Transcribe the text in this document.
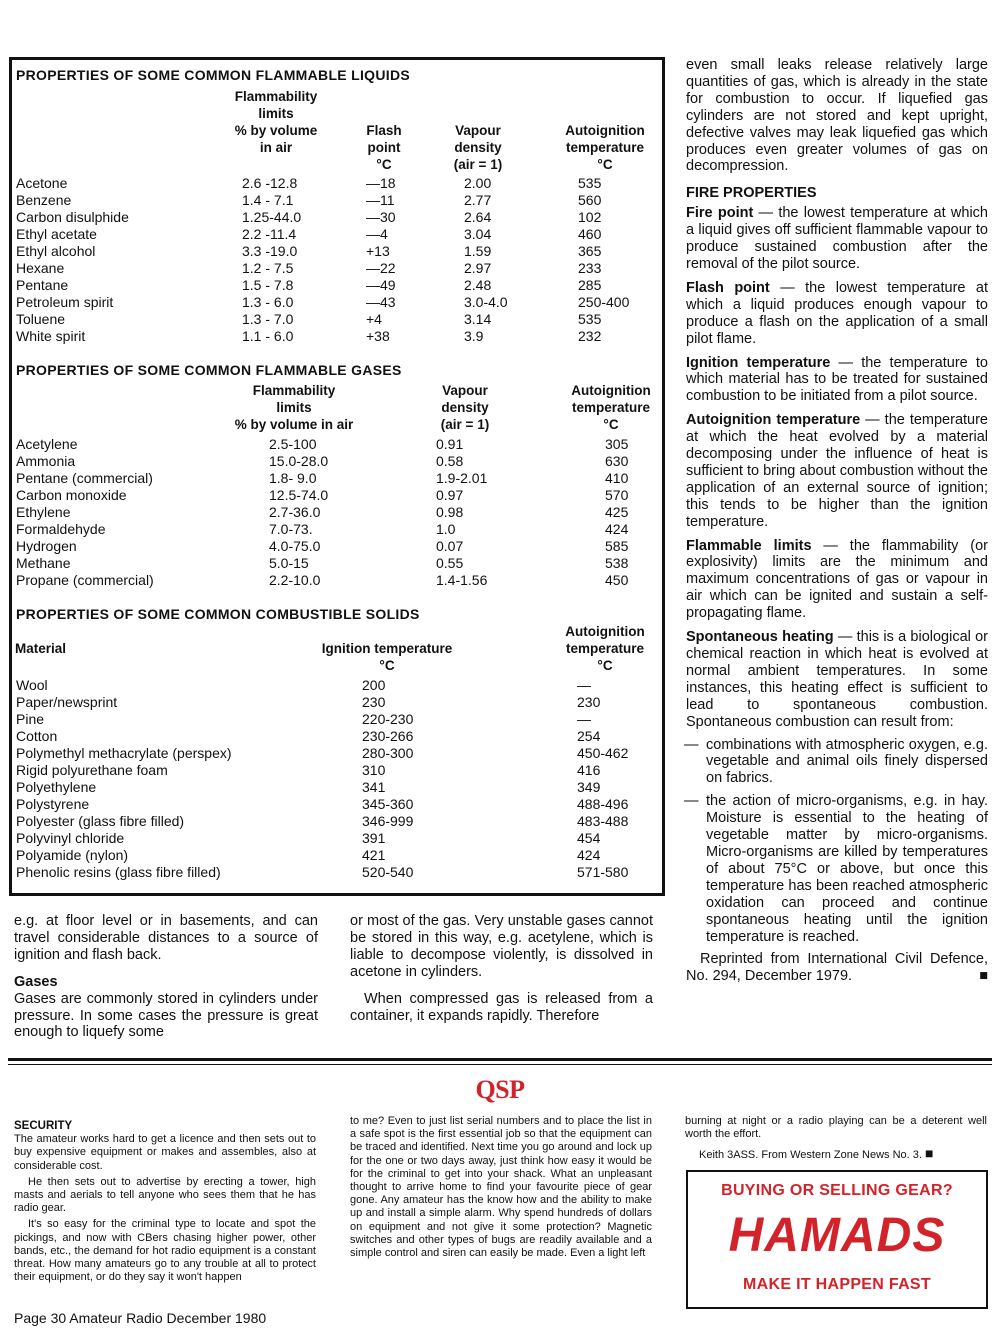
PROPERTIES OF SOME COMMON FLAMMABLE LIQUIDS
Flammability
limits
% by volume
in air
Flash
point
°C
Vapour
density
(air = 1)
Autoignition
temperature
°C
Acetone	2.6 -12.8	—18	2.00	535
Benzene	1.4 - 7.1	—11	2.77	560
Carbon disulphide	1.25-44.0	—30	2.64	102
Ethyl acetate	2.2 -11.4	—4	3.04	460
Ethyl alcohol	3.3 -19.0	+13	1.59	365
Hexane	1.2 - 7.5	—22	2.97	233
Pentane	1.5 - 7.8	—49	2.48	285
Petroleum spirit	1.3 - 6.0	—43	3.0-4.0	250-400
Toluene	1.3 - 7.0	+4	3.14	535
White spirit	1.1 - 6.0	+38	3.9	232
PROPERTIES OF SOME COMMON FLAMMABLE GASES
Flammability
limits
% by volume in air
Vapour
density
(air = 1)
Autoignition
temperature
°C
Acetylene	2.5-100	0.91	305
Ammonia	15.0-28.0	0.58	630
Pentane (commercial)	1.8- 9.0	1.9-2.01	410
Carbon monoxide	12.5-74.0	0.97	570
Ethylene	2.7-36.0	0.98	425
Formaldehyde	7.0-73.	1.0	424
Hydrogen	4.0-75.0	0.07	585
Methane	5.0-15	0.55	538
Propane (commercial)	2.2-10.0	1.4-1.56	450
PROPERTIES OF SOME COMMON COMBUSTIBLE SOLIDS
Material	Ignition temperature
°C
Autoignition
temperature
°C
Wool	200	—
Paper/newsprint	230	230
Pine	220-230	—
Cotton	230-266	254
Polymethyl methacrylate (perspex)	280-300	450-462
Rigid polyurethane foam	310	416
Polyethylene	341	349
Polystyrene	345-360	488-496
Polyester (glass fibre filled)	346-999	483-488
Polyvinyl chloride	391	454
Polyamide (nylon)	421	424
Phenolic resins (glass fibre filled)	520-540	571-580

even small leaks release relatively large quantities of gas, which is already in the state for combustion to occur. If liquefied gas cylinders are not stored and kept upright, defective valves may leak liquefied gas which produces even greater volumes of gas on decompression.

FIRE PROPERTIES

Fire point — the lowest temperature at which a liquid gives off sufficient flammable vapour to produce sustained combustion after the removal of the pilot source.

Flash point — the lowest temperature at which a liquid produces enough vapour to produce a flash on the application of a small pilot flame.

Ignition temperature — the temperature to which material has to be treated for sustained combustion to be initiated from a pilot source.

Autoignition temperature — the temperature at which the heat evolved by a material decomposing under the influence of heat is sufficient to bring about combustion without the application of an external source of ignition; this tends to be higher than the ignition temperature.

Flammable limits — the flammability (or explosivity) limits are the minimum and maximum concentrations of gas or vapour in air which can be ignited and sustain a self-propagating flame.

Spontaneous heating — this is a biological or chemical reaction in which heat is evolved at normal ambient temperatures. In some instances, this heating effect is sufficient to lead to spontaneous combustion. Spontaneous combustion can result from:

— combinations with atmospheric oxygen, e.g. vegetable and animal oils finely dispersed on fabrics.
— the action of micro-organisms, e.g. in hay. Moisture is essential to the heating of vegetable matter by micro-organisms. Micro-organisms are killed by temperatures of about 75°C or above, but once this temperature has been reached atmospheric oxidation can proceed and continue spontaneous heating until the ignition temperature is reached.

Reprinted from International Civil Defence, No. 294, December 1979.	■

e.g. at floor level or in basements, and can travel considerable distances to a source of ignition and flash back.

Gases

Gases are commonly stored in cylinders under pressure. In some cases the pressure is great enough to liquefy some

or most of the gas. Very unstable gases cannot be stored in this way, e.g. acetylene, which is liable to decompose violently, is dissolved in acetone in cylinders.

When compressed gas is released from a container, it expands rapidly. Therefore

QSP

SECURITY

The amateur works hard to get a licence and then sets out to buy expensive equipment or makes and assembles, also at considerable cost.

He then sets out to advertise by erecting a tower, high masts and aerials to tell anyone who sees them that he has radio gear.

It's so easy for the criminal type to locate and spot the pickings, and now with CBers chasing higher power, other bands, etc., the demand for hot radio equipment is a constant threat. How many amateurs go to any trouble at all to protect their equipment, or do they say it won't happen

to me? Even to just list serial numbers and to place the list in a safe spot is the first essential job so that the equipment can be traced and identified. Next time you go around and lock up for the one or two days away, just think how easy it would be for the criminal to get into your shack. What an unpleasant thought to arrive home to find your favourite piece of gear gone. Any amateur has the know how and the ability to make up and install a simple alarm. Why spend hundreds of dollars on equipment and not give it some protection? Magnetic switches and other types of bugs are readily available and a simple control and siren can easily be made. Even a light left

burning at night or a radio playing can be a deterent well worth the effort.

Keith 3ASS. From Western Zone News No. 3. ■

BUYING OR SELLING GEAR?
HAMADS
MAKE IT HAPPEN FAST
Page 30 Amateur Radio December 1980
